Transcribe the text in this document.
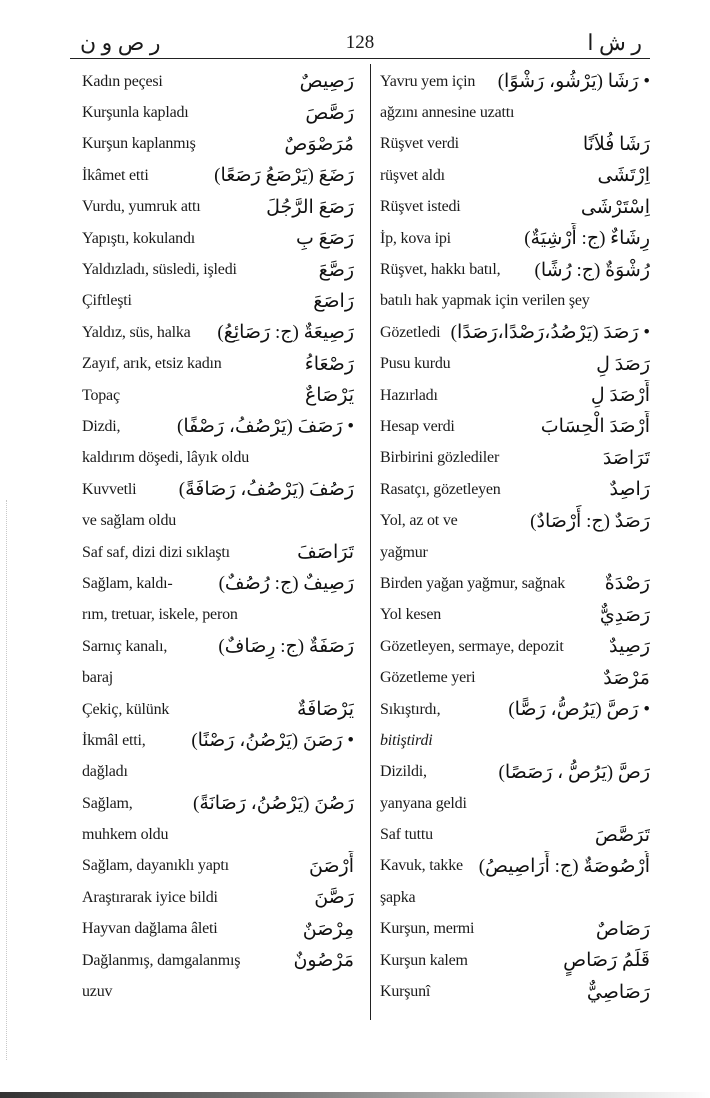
ر ص و ن	128	ر ش ا
Kadın peçesi	رَصِيصٌ
Kurşunla kapladı	رَصَّصَ
Kurşun kaplanmış	مُرَصْوَصٌ
İkâmet etti	رَضَعَ (يَرْصَعُ رَصَعًا)
Vurdu, yumruk attı	رَصَعَ الرَّجُلَ
Yapıştı, kokulandı	رَصَعَ بِ
Yaldızladı, süsledi, işledi	رَصَّعَ
Çiftleşti	رَاصَعَ
Yaldız, süs, halka رَصِيعَةٌ (ج: رَصَائِعُ)
Zayıf, arık, etsiz kadın	رَصْعَاءُ
Topaç	يَرْصَاعٌ
Dizdi,	• رَصَفَ (يَرْصُفُ، رَصْفًا)
kaldırım döşedi, lâyık oldu
Kuvvetli رَصُفَ (يَرْصُفُ، رَصَافَةً)
ve sağlam oldu
Saf saf, dizi dizi sıklaştı	تَرَاصَفَ
Sağlam, kaldı- رَصِيفٌ (ج: رُصُفٌ)
rım, tretuar, iskele, peron
Sarnıç kanalı,	رَصَفَةٌ (ج: رِصَافٌ)
baraj
Çekiç, külünk	يَرْصَافَةٌ
İkmâl etti, • رَصَنَ (يَرْصُنُ، رَصْنًا)
dağladı
Sağlam,	رَصُنَ (يَرْصُنُ، رَصَانَةً)
muhkem oldu
Sağlam, dayanıklı yaptı	أَرْصَنَ
Araştırarak iyice bildi	رَصَّنَ
Hayvan dağlama âleti	مِرْصَنٌ
Dağlanmış, damgalanmış	مَرْصُونٌ
uzuv
Yavru yem için • رَشَا (يَرْشُو، رَشْوًا)
ağzını annesine uzattı
Rüşvet verdi	رَشَا فُلاَنًا
rüşvet aldı	اِرْتَشَى
Rüşvet istedi	اِسْتَرْشَى
İp, kova ipi	رِشَاءٌ (ج: أَرْشِيَةٌ)
Rüşvet, hakkı batıl, رُشْوَةٌ (ج: رُشًا)
batılı hak yapmak için verilen şey
Gözetledi • رَصَدَ (يَرْصُدُ،رَصْدًا،رَصَدًا)
Pusu kurdu	رَصَدَ لِ
Hazırladı	أَرْصَدَ لِ
Hesap verdi	أَرْصَدَ الْحِسَابَ
Birbirini gözlediler	تَرَاصَدَ
Rasatçı, gözetleyen	رَاصِدٌ
Yol, az ot ve	رَصَدٌ (ج: أَرْصَادٌ)
yağmur
Birden yağan yağmur, sağnak رَصْدَةٌ
Yol kesen	رَصَدِيٌّ
Gözetleyen, sermaye, depozit رَصِيدٌ
Gözetleme yeri	مَرْصَدٌ
Sıkıştırdı,	• رَصَّ (يَرُصُّ، رَصًّا)
bitiştirdi
Dizildi,	رَصَّ (يَرُصُّ ، رَصَصًا)
yanyana geldi
Saf tuttu	تَرَصَّصَ
Kavuk, takke أُرْصُوصَةٌ (ج: أَرَاصِيصُ)
şapka
Kurşun, mermi	رَصَاصٌ
Kurşun kalem	قَلَمُ رَصَاصٍ
Kurşunî	رَصَاصِيٌّ
